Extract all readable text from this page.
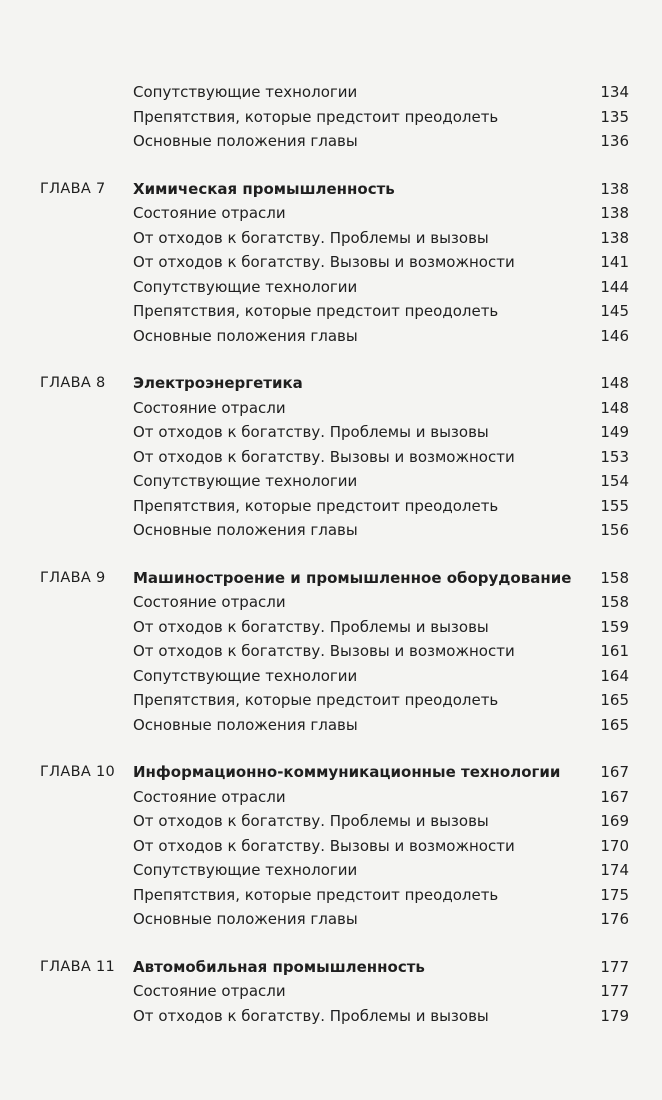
Сопутствующие технологии	134
Препятствия, которые предстоит преодолеть	135
Основные положения главы	136
ГЛАВА 7 Химическая промышленность	138
Состояние отрасли	138
От отходов к богатству. Проблемы и вызовы	138
От отходов к богатству. Вызовы и возможности	141
Сопутствующие технологии	144
Препятствия, которые предстоит преодолеть	145
Основные положения главы	146
ГЛАВА 8 Электроэнергетика	148
Состояние отрасли	148
От отходов к богатству. Проблемы и вызовы	149
От отходов к богатству. Вызовы и возможности	153
Сопутствующие технологии	154
Препятствия, которые предстоит преодолеть	155
Основные положения главы	156
ГЛАВА 9 Машиностроение и промышленное оборудование 158
Состояние отрасли	158
От отходов к богатству. Проблемы и вызовы	159
От отходов к богатству. Вызовы и возможности	161
Сопутствующие технологии	164
Препятствия, которые предстоит преодолеть	165
Основные положения главы	165
ГЛАВА 10 Информационно-коммуникационные технологии	167
Состояние отрасли	167
От отходов к богатству. Проблемы и вызовы	169
От отходов к богатству. Вызовы и возможности	170
Сопутствующие технологии	174
Препятствия, которые предстоит преодолеть	175
Основные положения главы	176
ГЛАВА 11 Автомобильная промышленность	177
Состояние отрасли	177
От отходов к богатству. Проблемы и вызовы	179
